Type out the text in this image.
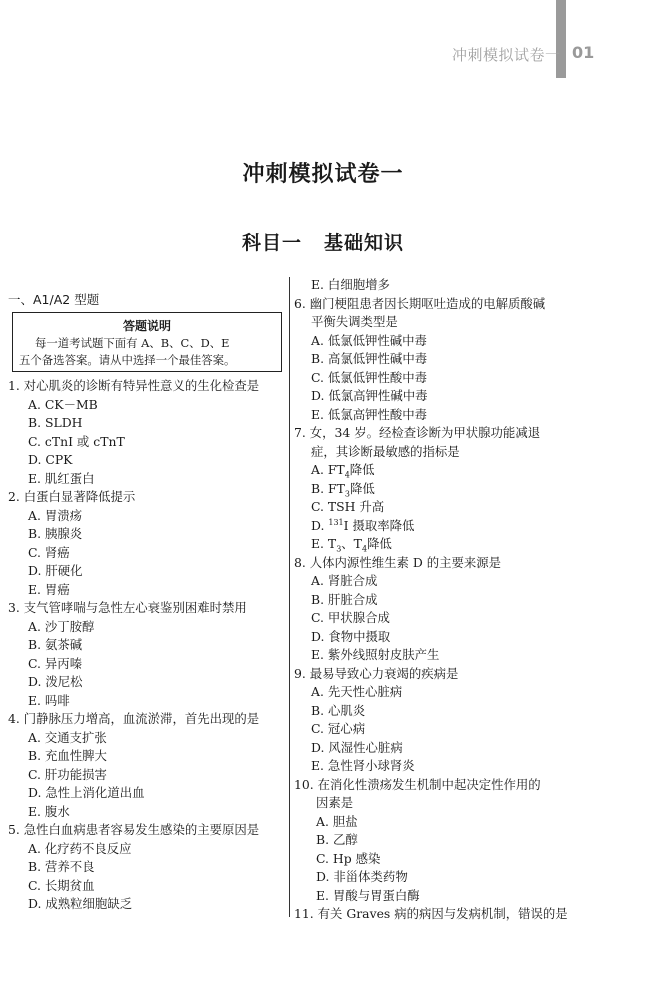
冲刺模拟试卷一 01
冲刺模拟试卷一
科目一 基础知识
一、A1/A2 型题
答题说明
每一道考试题下面有 A、B、C、D、E
五个备选答案。请从中选择一个最佳答案。
1. 对心肌炎的诊断有特异性意义的生化检查是
A. CK－MB
B. SLDH
C. cTnI 或 cTnT
D. CPK
E. 肌红蛋白
2. 白蛋白显著降低提示
A. 胃溃疡
B. 胰腺炎
C. 肾癌
D. 肝硬化
E. 胃癌
3. 支气管哮喘与急性左心衰鉴别困难时禁用
A. 沙丁胺醇
B. 氨茶碱
C. 异丙嗪
D. 泼尼松
E. 吗啡
4. 门静脉压力增高，血流淤滞，首先出现的是
A. 交通支扩张
B. 充血性脾大
C. 肝功能损害
D. 急性上消化道出血
E. 腹水
5. 急性白血病患者容易发生感染的主要原因是
A. 化疗药不良反应
B. 营养不良
C. 长期贫血
D. 成熟粒细胞缺乏
E. 白细胞增多
6. 幽门梗阻患者因长期呕吐造成的电解质酸碱
平衡失调类型是
A. 低氯低钾性碱中毒
B. 高氯低钾性碱中毒
C. 低氯低钾性酸中毒
D. 低氯高钾性碱中毒
E. 低氯高钾性酸中毒
7. 女，34 岁。经检查诊断为甲状腺功能减退
症，其诊断最敏感的指标是
A. $FT_4$降低
B. $FT_3$降低
C. TSH 升高
D. $^{131}$I 摄取率降低
E. $T_3$、$T_4$降低
8. 人体内源性维生素 D 的主要来源是
A. 肾脏合成
B. 肝脏合成
C. 甲状腺合成
D. 食物中摄取
E. 紫外线照射皮肤产生
9. 最易导致心力衰竭的疾病是
A. 先天性心脏病
B. 心肌炎
C. 冠心病
D. 风湿性心脏病
E. 急性肾小球肾炎
10. 在消化性溃疡发生机制中起决定性作用的
因素是
A. 胆盐
B. 乙醇
C. Hp 感染
D. 非甾体类药物
E. 胃酸与胃蛋白酶
11. 有关 Graves 病的病因与发病机制，错误的是
